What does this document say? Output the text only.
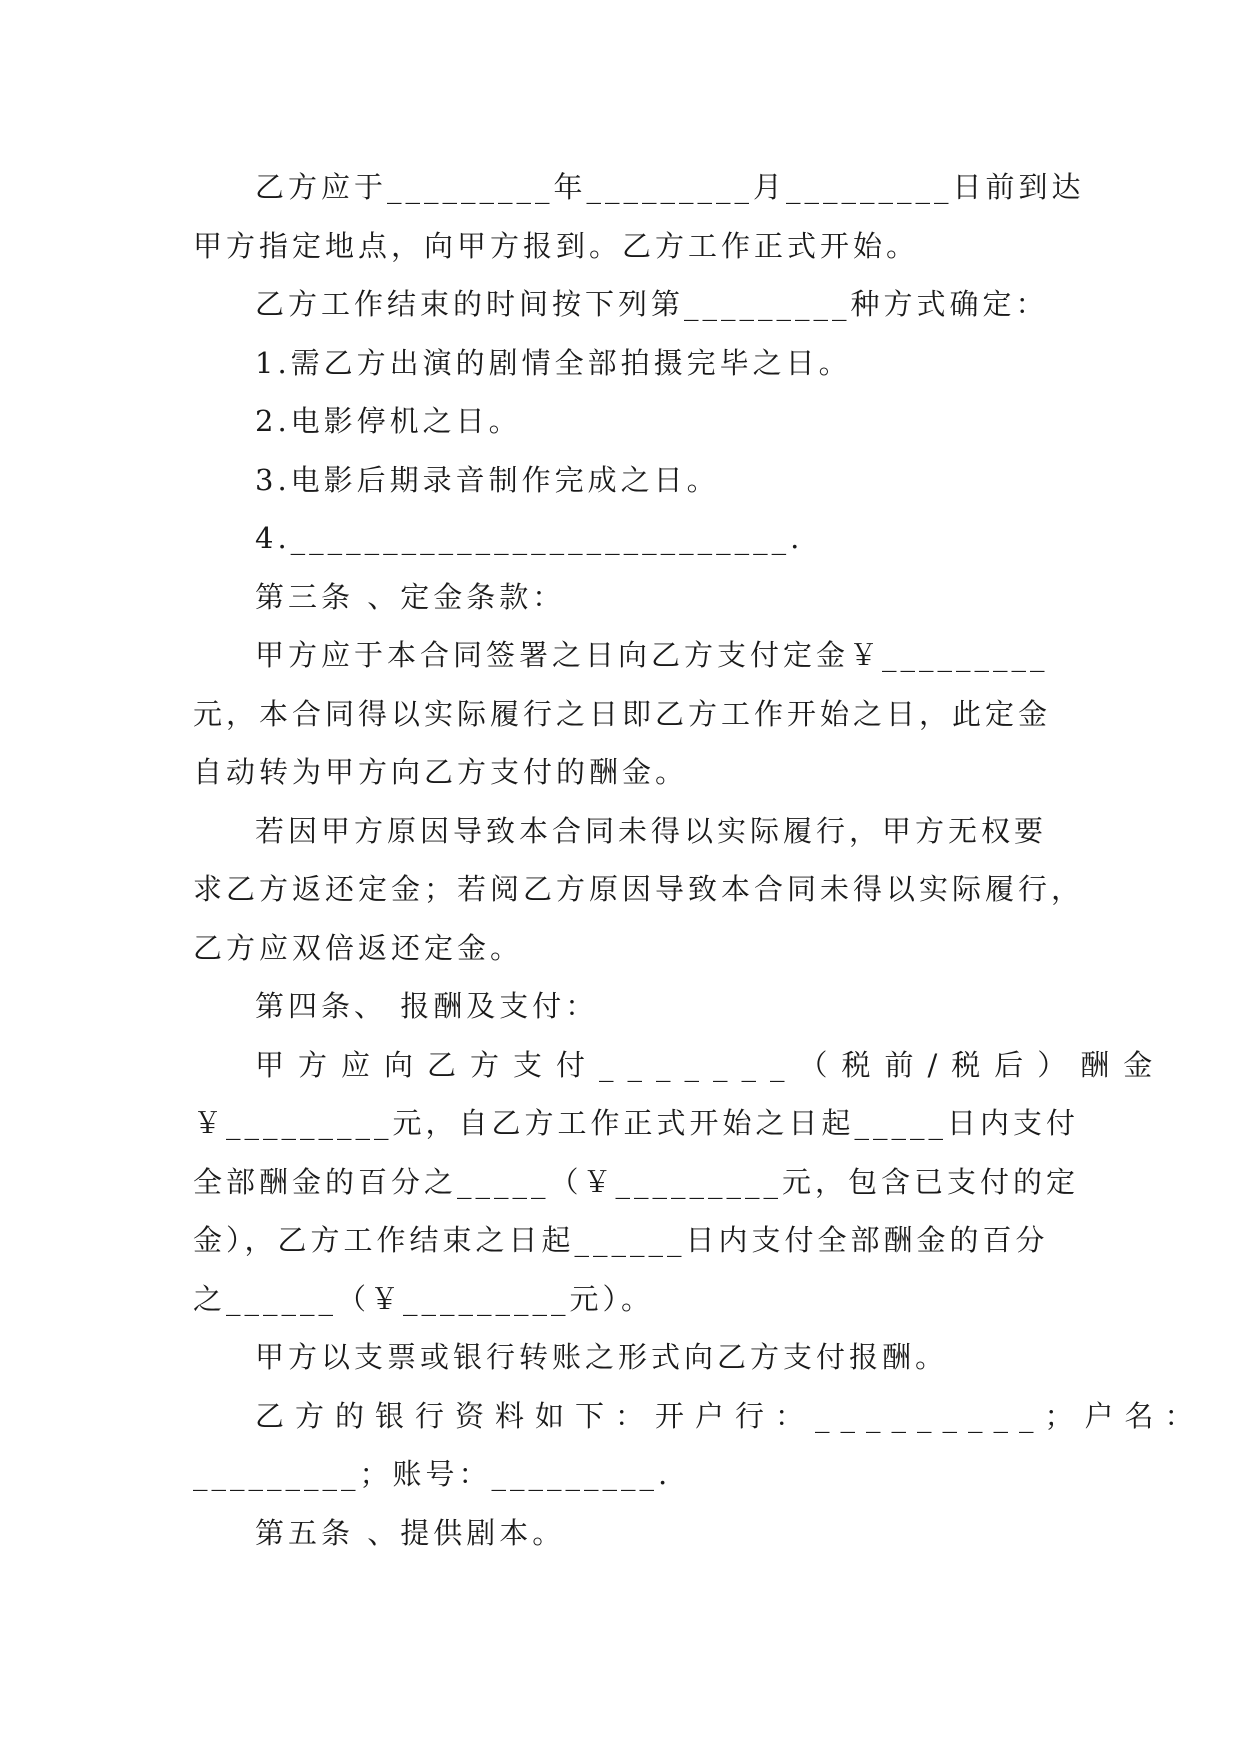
乙方应于_________年_________月_________日前到达

甲方指定地点，向甲方报到。乙方工作正式开始。

乙方工作结束的时间按下列第_________种方式确定：

1.需乙方出演的剧情全部拍摄完毕之日。

2.电影停机之日。

3.电影后期录音制作完成之日。

4.___________________________.

第三条 、定金条款：

甲方应于本合同签署之日向乙方支付定金￥_________

元，本合同得以实际履行之日即乙方工作开始之日，此定金

自动转为甲方向乙方支付的酬金。

若因甲方原因导致本合同未得以实际履行，甲方无权要

求乙方返还定金；若阅乙方原因导致本合同未得以实际履行，

乙方应双倍返还定金。

第四条、 报酬及支付：

甲方应向乙方支付_______（税前/税后）酬金

￥_________元，自乙方工作正式开始之日起_____日内支付

全部酬金的百分之_____（￥_________元，包含已支付的定

金），乙方工作结束之日起______日内支付全部酬金的百分

之______（￥_________元）。

甲方以支票或银行转账之形式向乙方支付报酬。

乙方的银行资料如下：开户行：_________；户名：

_________；账号：_________.

第五条 、提供剧本。
